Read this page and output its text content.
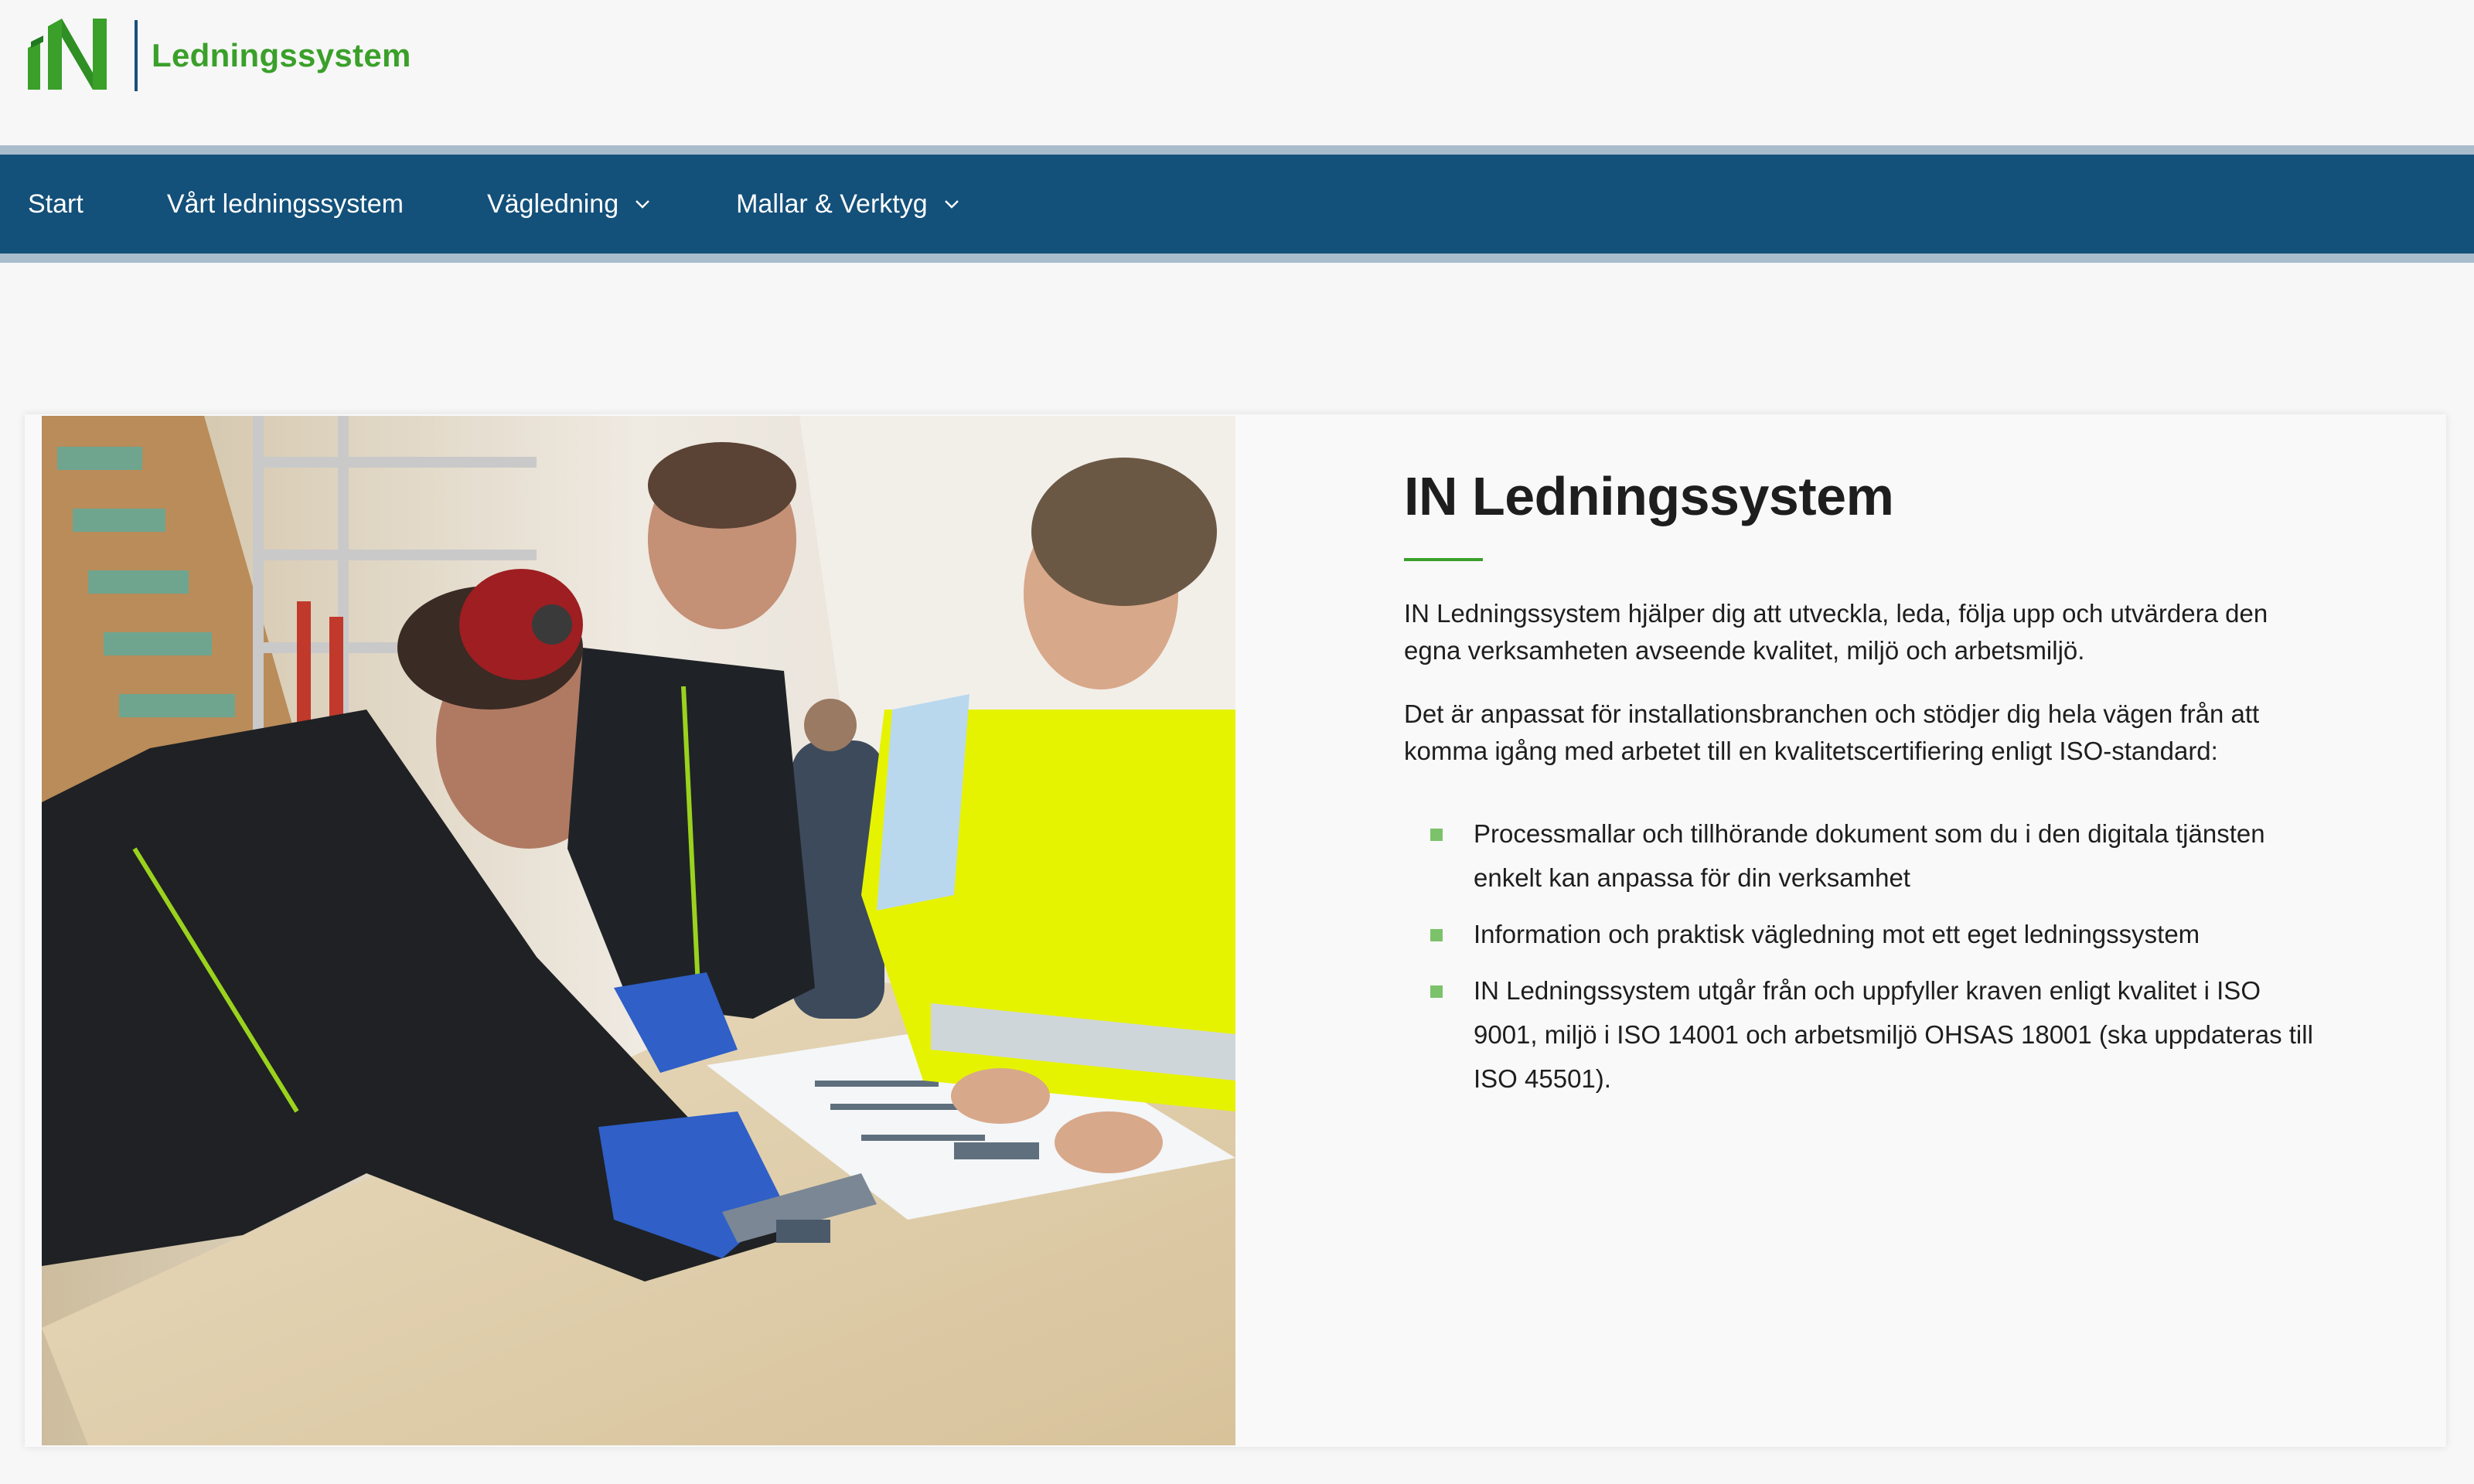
Ledningssystem
Start	Vårt ledningssystem	Vägledning	Mallar & Verktyg
IN Ledningssystem

IN Ledningssystem hjälper dig att utveckla, leda, följa upp och utvärdera den egna verksamheten avseende kvalitet, miljö och arbetsmiljö.

Det är anpassat för installationsbranchen och stödjer dig hela vägen från att komma igång med arbetet till en kvalitetscertifiering enligt ISO-standard:

Processmallar och tillhörande dokument som du i den digitala tjänsten enkelt kan anpassa för din verksamhet
Information och praktisk vägledning mot ett eget ledningssystem
IN Ledningssystem utgår från och uppfyller kraven enligt kvalitet i ISO 9001, miljö i ISO 14001 och arbetsmiljö OHSAS 18001 (ska uppdateras till ISO 45501).
